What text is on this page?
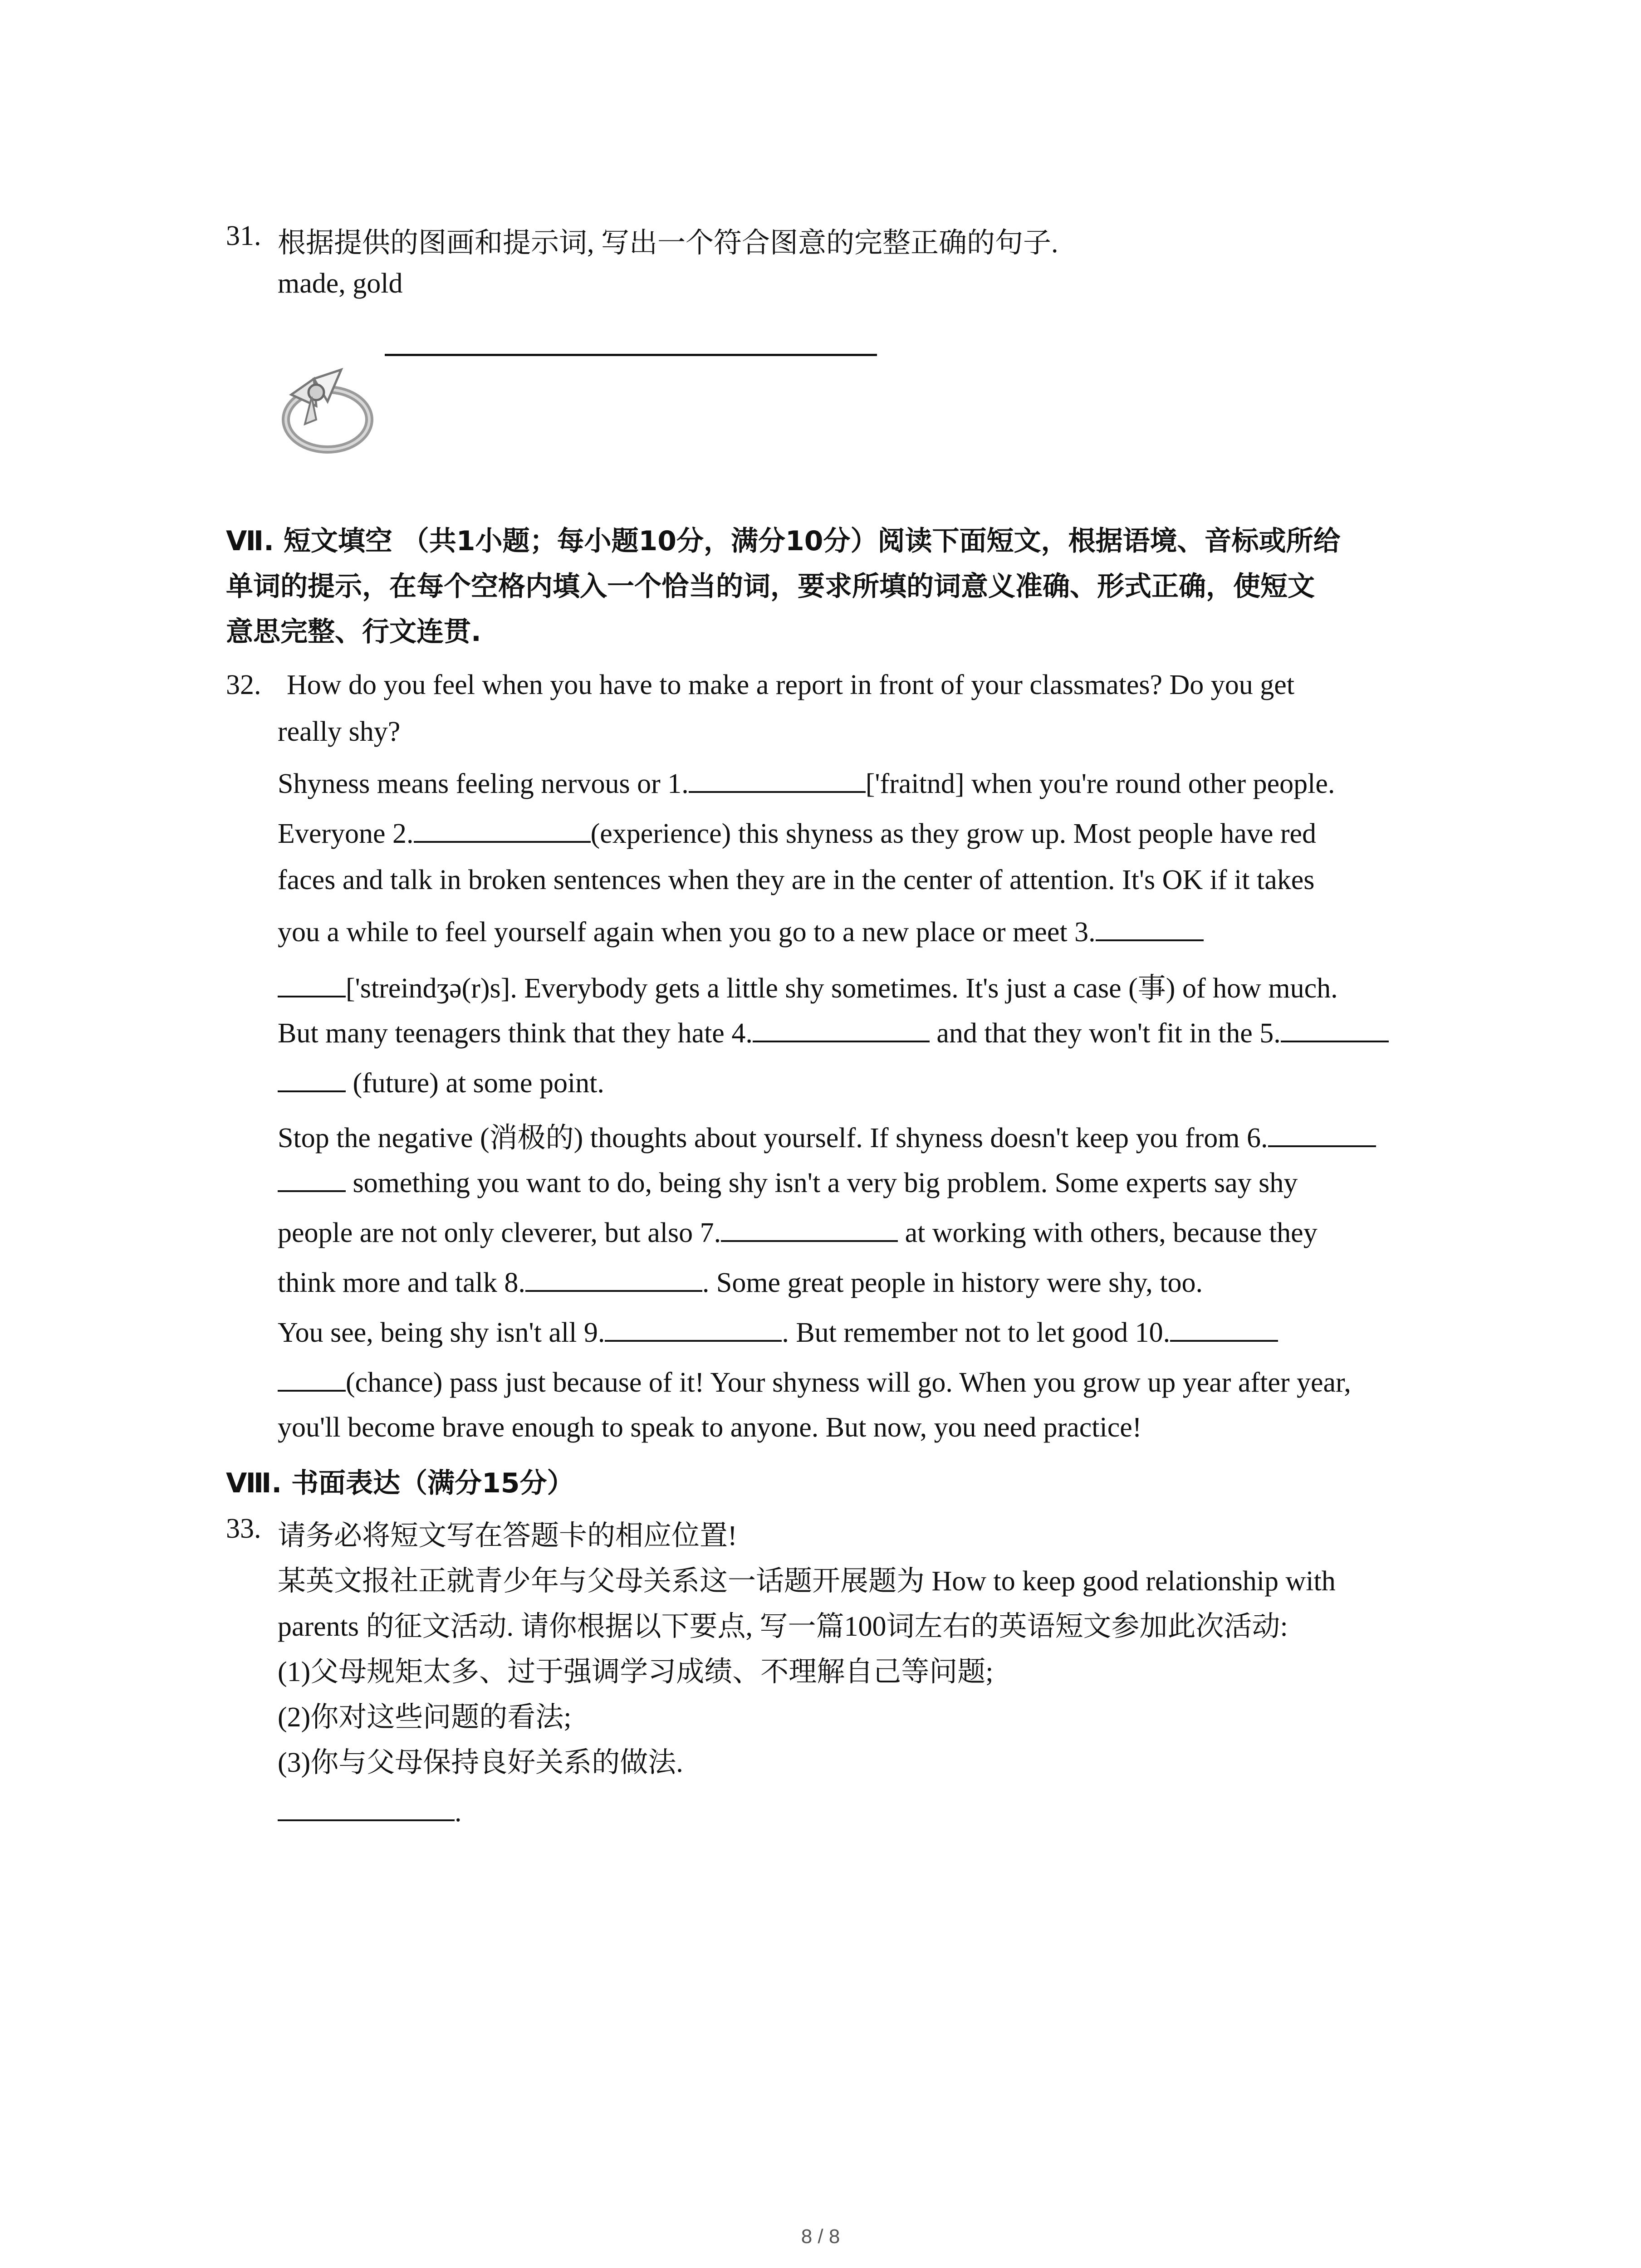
31. 根据提供的图画和提示词, 写出一个符合图意的完整正确的句子.
made, gold
Ⅶ. 短文填空 （共1小题；每小题10分，满分10分）阅读下面短文，根据语境、音标或所给
单词的提示，在每个空格内填入一个恰当的词，要求所填的词意义准确、形式正确，使短文
意思完整、行文连贯.
32. How do you feel when you have to make a report in front of your classmates? Do you get
really shy?
Shyness means feeling nervous or 1.	['fraitnd] when you're round other people.
Everyone 2.	(experience) this shyness as they grow up. Most people have red
faces and talk in broken sentences when they are in the center of attention. It's OK if it takes
you a while to feel yourself again when you go to a new place or meet 3.
['streindʒə(r)s]. Everybody gets a little shy sometimes. It's just a case (事) of how much.
But many teenagers think that they hate 4.	and that they won't fit in the 5.
(future) at some point.
Stop the negative (消极的) thoughts about yourself. If shyness doesn't keep you from 6.
something you want to do, being shy isn't a very big problem. Some experts say shy
people are not only cleverer, but also 7.	at working with others, because they
think more and talk 8.	. Some great people in history were shy, too.
You see, being shy isn't all 9.	. But remember not to let good 10.
(chance) pass just because of it! Your shyness will go. When you grow up year after year,
you'll become brave enough to speak to anyone. But now, you need practice!
Ⅷ. 书面表达（满分15分）
33. 请务必将短文写在答题卡的相应位置!
某英文报社正就青少年与父母关系这一话题开展题为 How to keep good relationship with
parents 的征文活动. 请你根据以下要点, 写一篇100词左右的英语短文参加此次活动:
(1)父母规矩太多、过于强调学习成绩、不理解自己等问题;
(2)你对这些问题的看法;
(3)你与父母保持良好关系的做法.
.
8 / 8
